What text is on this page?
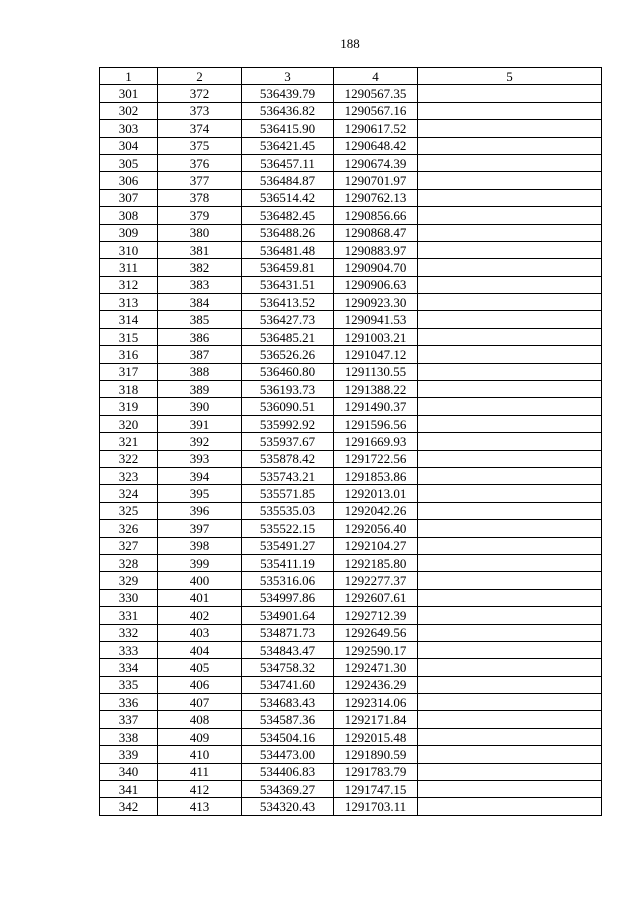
188
1	2	3	4	5
301	372	536439.79	1290567.35	
302	373	536436.82	1290567.16	
303	374	536415.90	1290617.52	
304	375	536421.45	1290648.42	
305	376	536457.11	1290674.39	
306	377	536484.87	1290701.97	
307	378	536514.42	1290762.13	
308	379	536482.45	1290856.66	
309	380	536488.26	1290868.47	
310	381	536481.48	1290883.97	
311	382	536459.81	1290904.70	
312	383	536431.51	1290906.63	
313	384	536413.52	1290923.30	
314	385	536427.73	1290941.53	
315	386	536485.21	1291003.21	
316	387	536526.26	1291047.12	
317	388	536460.80	1291130.55	
318	389	536193.73	1291388.22	
319	390	536090.51	1291490.37	
320	391	535992.92	1291596.56	
321	392	535937.67	1291669.93	
322	393	535878.42	1291722.56	
323	394	535743.21	1291853.86	
324	395	535571.85	1292013.01	
325	396	535535.03	1292042.26	
326	397	535522.15	1292056.40	
327	398	535491.27	1292104.27	
328	399	535411.19	1292185.80	
329	400	535316.06	1292277.37	
330	401	534997.86	1292607.61	
331	402	534901.64	1292712.39	
332	403	534871.73	1292649.56	
333	404	534843.47	1292590.17	
334	405	534758.32	1292471.30	
335	406	534741.60	1292436.29	
336	407	534683.43	1292314.06	
337	408	534587.36	1292171.84	
338	409	534504.16	1292015.48	
339	410	534473.00	1291890.59	
340	411	534406.83	1291783.79	
341	412	534369.27	1291747.15	
342	413	534320.43	1291703.11	
